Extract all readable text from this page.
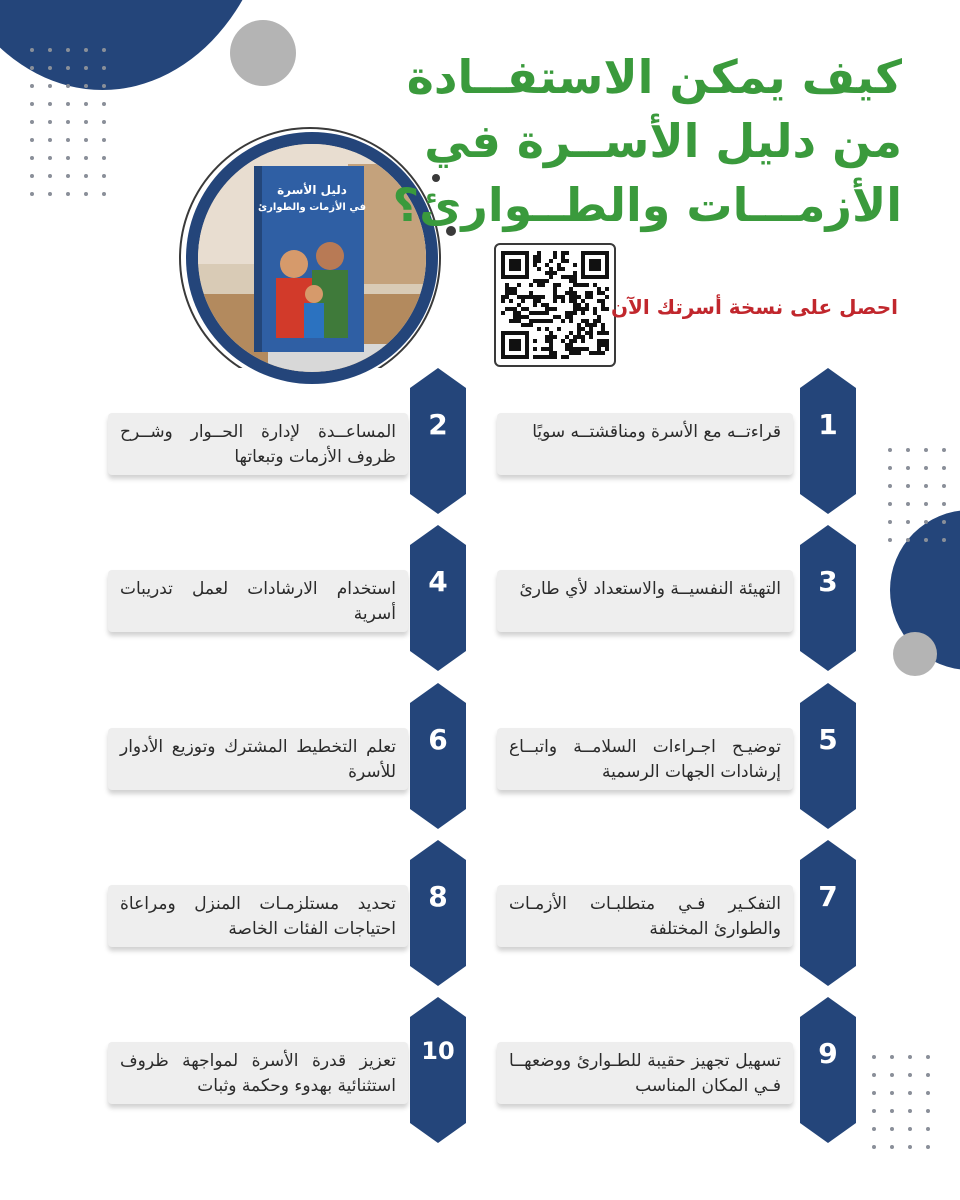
دليل الأسرة
في الأزمات والطوارئ
كيف يمكن الاستفــادة
من دليل الأســرة في
الأزمـــات والطــوارئ؟
احصل على نسخة أسرتك الآن
قراءتــه مع الأسرة ومناقشتــه سويًا	1
المساعــدة لإدارة الحــوار وشــرح ظروف الأزمات وتبعاتها
2
التهيئة النفسيــة والاستعداد لأي طارئ	3
استخدام الارشادات لعمل تدريبات أسرية
4
توضيـح اجـراءات السلامــة واتبــاع إرشادات الجهات الرسمية
5
تعلم التخطيط المشترك وتوزيع الأدوار للأسرة
6
التفكـير فـي متطلبـات الأزمـات والطوارئ المختلفة
7
تحديد مستلزمـات المنزل ومراعاة احتياجات الفئات الخاصة
8
تسهيل تجهيز حقيبة للطـوارئ ووضعهــا فـي المكان المناسب
9
تعزيز قدرة الأسرة لمواجهة ظروف استثنائية بهدوء وحكمة وثبات
10
